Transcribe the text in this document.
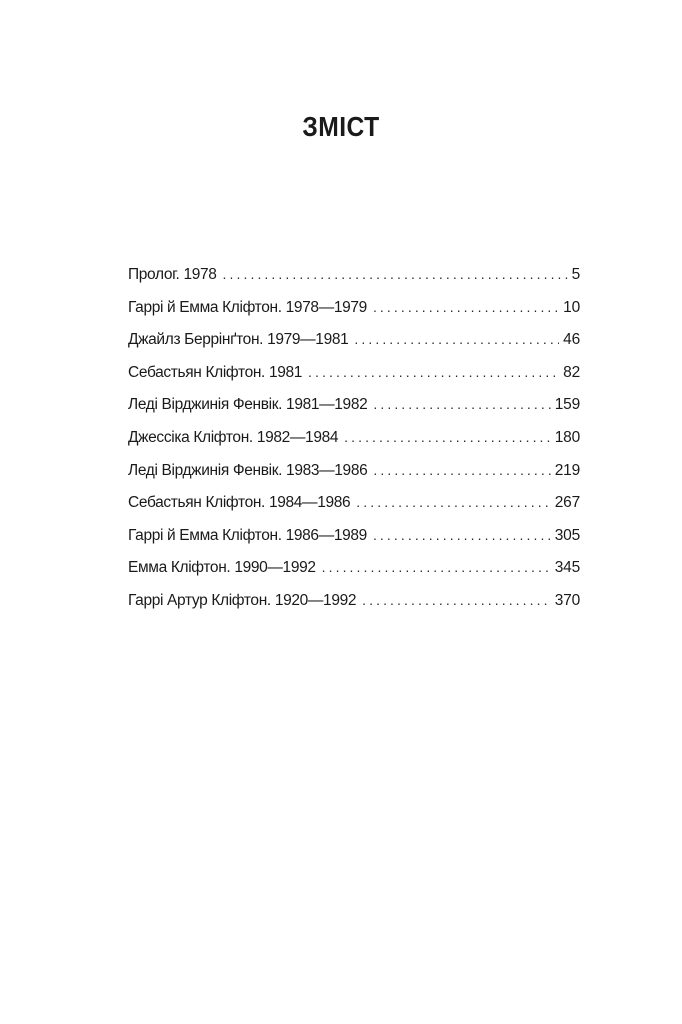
ЗМІСТ
Пролог. 1978 . . .	5
Гаррі й Емма Кліфтон. 1978—1979 . . .	10
Джайлз Беррінґтон. 1979—1981 . . .	46
Себастьян Кліфтон. 1981 . . .	82
Леді Вірджинія Фенвік. 1981—1982 . . .	159
Джессіка Кліфтон. 1982—1984 . . .	180
Леді Вірджинія Фенвік. 1983—1986 . . .	219
Себастьян Кліфтон. 1984—1986 . . .	267
Гаррі й Емма Кліфтон. 1986—1989 . . .	305
Емма Кліфтон. 1990—1992 . . .	345
Гаррі Артур Кліфтон. 1920—1992 . . .	370
